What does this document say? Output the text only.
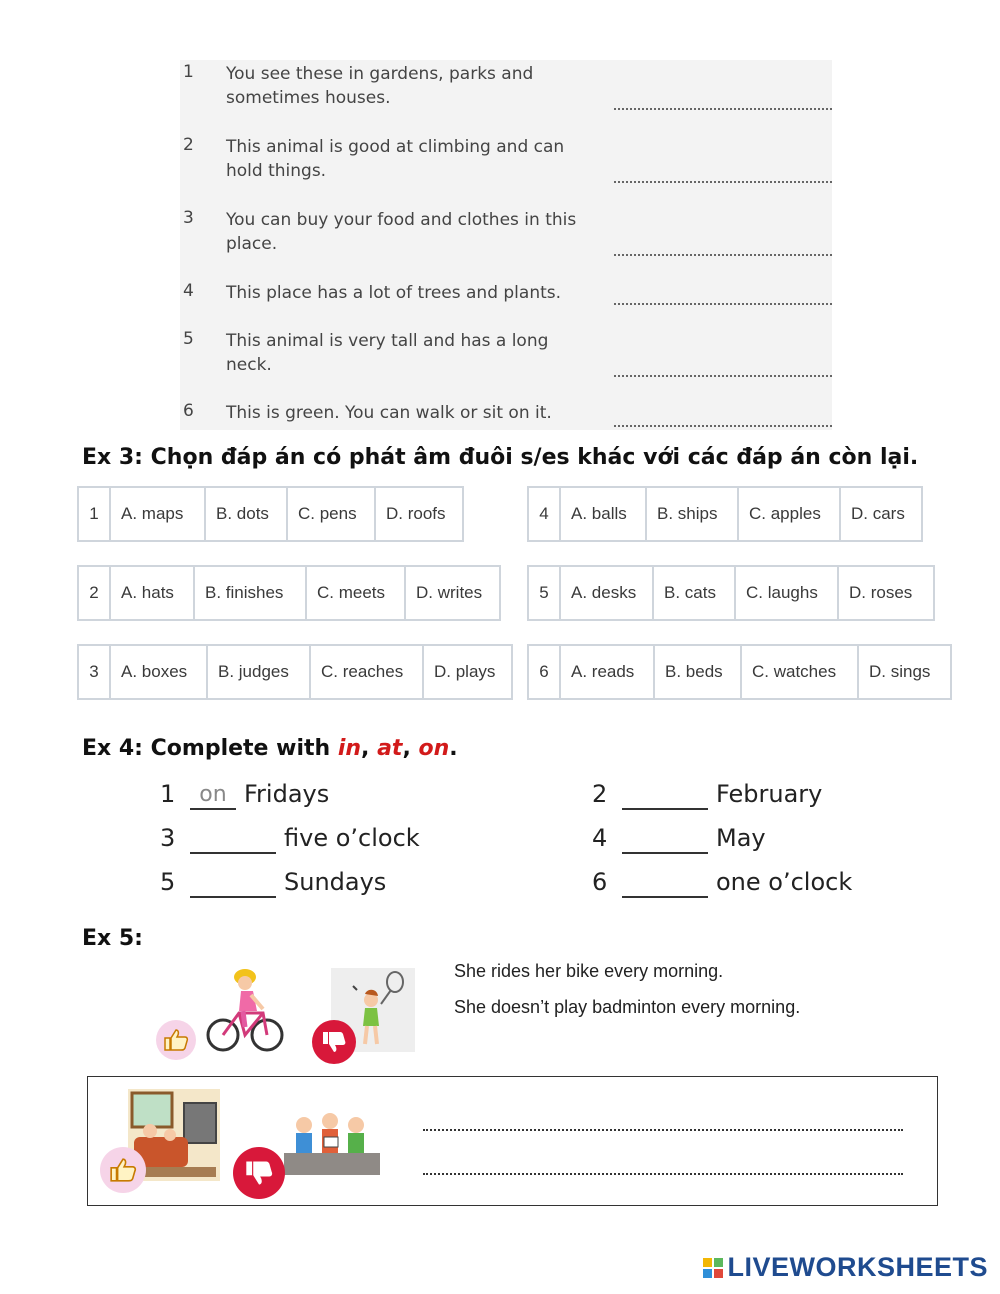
1 You see these in gardens, parks and sometimes houses.
2 This animal is good at climbing and can hold things.
3 You can buy your food and clothes in this place.
4 This place has a lot of trees and plants.
5 This animal is very tall and has a long neck.
6 This is green. You can walk or sit on it.
Ex 3: Chọn đáp án có phát âm đuôi s/es khác với các đáp án còn lại.
1	A. maps	B. dots	C. pens	D. roofs	4	A. balls	B. ships	C. apples	D. cars
2	A. hats	B. finishes	C. meets	D. writes	5	A. desks	B. cats	C. laughs	D. roses
3	A. boxes	B. judges	C. reaches	D. plays	6	A. reads	B. beds	C. watches	D. sings
Ex 4: Complete with in, at, on.
1 on Fridays	2	February
3	five o’clock	4	May
5	Sundays	6	one o’clock
Ex 5:
She rides her bike every morning.
She doesn’t play badminton every morning.
LIVEWORKSHEETS
